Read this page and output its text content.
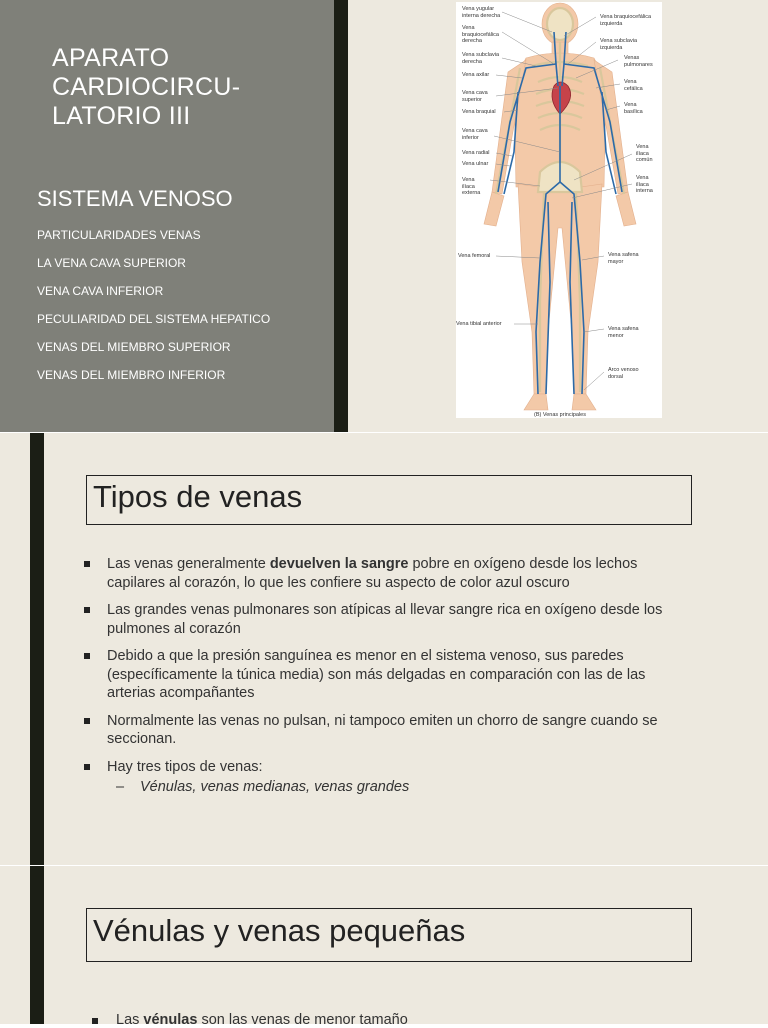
APARATO
CARDIOCIRCU-
LATORIO III
SISTEMA VENOSO
PARTICULARIDADES VENAS
LA VENA CAVA SUPERIOR
VENA CAVA INFERIOR
PECULIARIDAD DEL SISTEMA HEPATICO
VENAS DEL MIEMBRO SUPERIOR
VENAS DEL MIEMBRO INFERIOR
Vena yugular
interna derecha
Vena
braquiocefálica
derecha
Vena subclavia
derecha
Vena axilar
Vena cava
superior
Vena braquial
Vena cava
inferior
Vena radial
Vena ulnar
Vena
ilíaca
externa
Vena femoral
Vena tibial anterior
Vena braquiocefálica
izquierda
Vena subclavia
izquierda
Venas
pulmonares
Vena
cefálica
Vena
basílica
Vena
ilíaca
común
Vena
ilíaca
interna
Vena safena
mayor
Vena safena
menor
Arco venoso
dorsal
(B) Venas principales
Tipos de venas
Las venas generalmente devuelven la sangre pobre en oxígeno desde los lechos capilares al corazón, lo que les confiere su aspecto de color azul oscuro
Las grandes venas pulmonares son atípicas al llevar sangre rica en oxígeno desde los pulmones al corazón
Debido a que la presión sanguínea es menor en el sistema venoso, sus paredes (específicamente la túnica media) son más delgadas en comparación con las de las arterias acompañantes
Normalmente las venas no pulsan, ni tampoco emiten un chorro de sangre cuando se seccionan.
Hay tres tipos de venas:
– Vénulas, venas medianas, venas grandes
Vénulas y venas pequeñas
Las vénulas son las venas de menor tamaño
